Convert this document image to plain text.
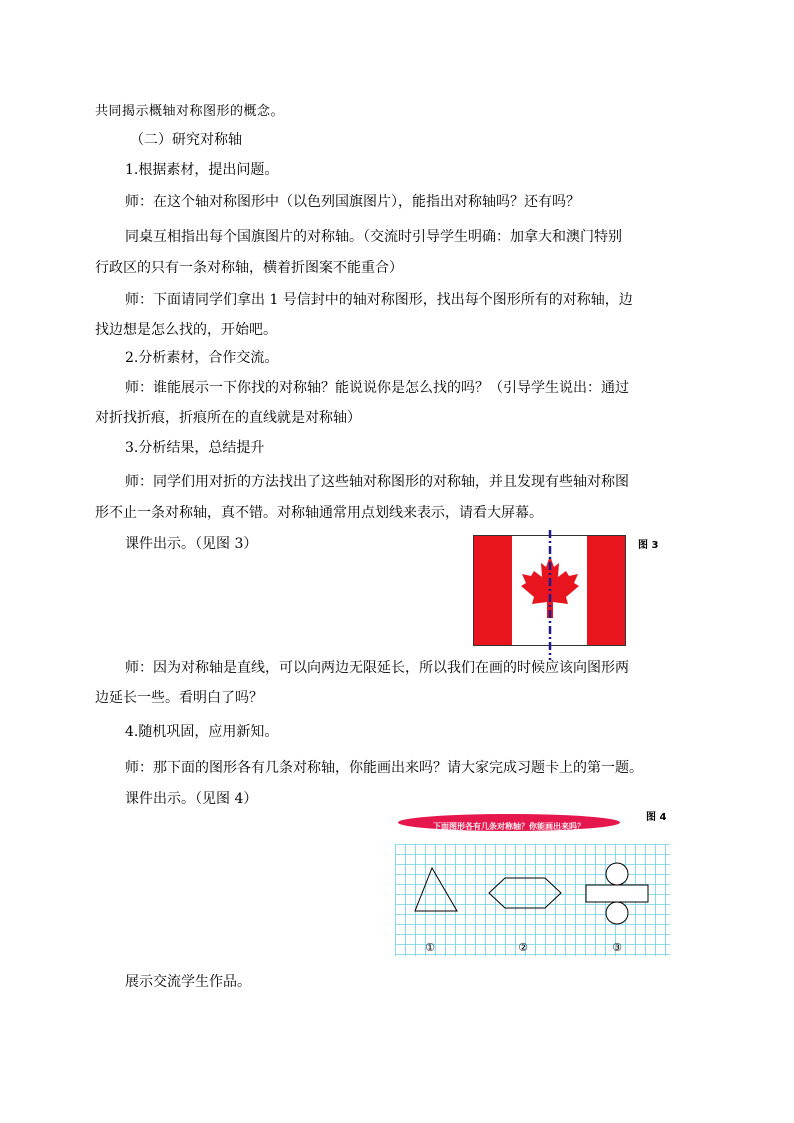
共同揭示概轴对称图形的概念。
（二）研究对称轴
1.根据素材，提出问题。
师：在这个轴对称图形中（以色列国旗图片），能指出对称轴吗？还有吗？
同桌互相指出每个国旗图片的对称轴。（交流时引导学生明确：加拿大和澳门特别
行政区的只有一条对称轴，横着折图案不能重合）
师：下面请同学们拿出 1 号信封中的轴对称图形，找出每个图形所有的对称轴，边
找边想是怎么找的，开始吧。
2.分析素材，合作交流。
师：谁能展示一下你找的对称轴？能说说你是怎么找的吗？（引导学生说出：通过
对折找折痕，折痕所在的直线就是对称轴）
3.分析结果，总结提升
师：同学们用对折的方法找出了这些轴对称图形的对称轴，并且发现有些轴对称图
形不止一条对称轴，真不错。对称轴通常用点划线来表示，请看大屏幕。
课件出示。（见图 3）
师：因为对称轴是直线，可以向两边无限延长，所以我们在画的时候应该向图形两
边延长一些。看明白了吗？
4.随机巩固，应用新知。
师：那下面的图形各有几条对称轴，你能画出来吗？请大家完成习题卡上的第一题。
课件出示。（见图 4）
展示交流学生作品。
图 3
图 4
下面图形各有几条对称轴？你能画出来吗？
①	②	③
